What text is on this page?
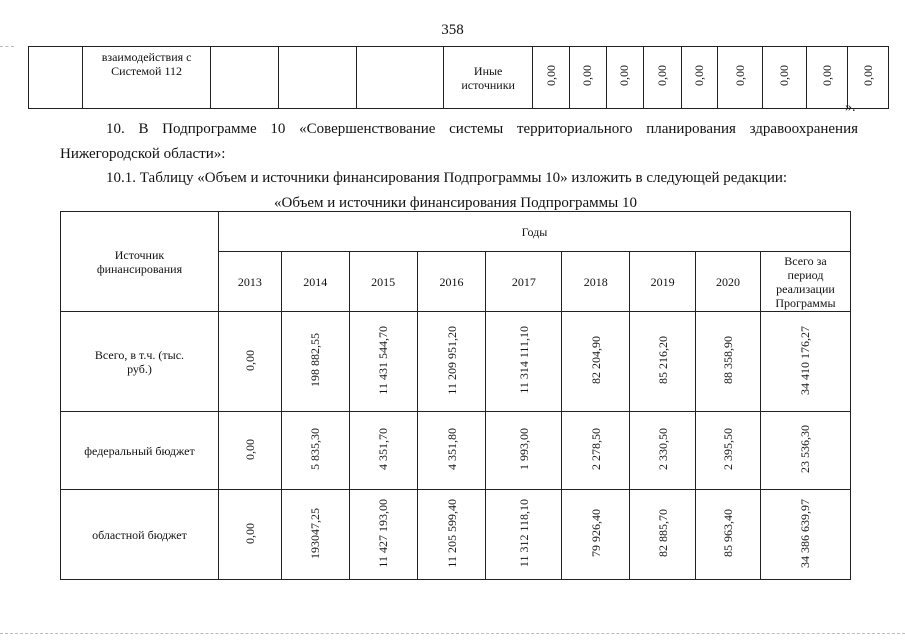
358
	взаимодействия с Системой 112				Иные источники	0,00	0,00	0,00	0,00	0,00	0,00	0,00	0,00	0,00
».
10. В Подпрограмме 10 «Совершенствование системы территориального планирования здравоохранения Нижегородской области»:
10.1. Таблицу «Объем и источники финансирования Подпрограммы 10» изложить в следующей редакции:
«Объем и источники финансирования Подпрограммы 10
Источник финансирования	Годы								
	2013	2014	2015	2016	2017	2018	2019	2020	Всего за период реализации Программы
Всего, в т.ч. (тыс. руб.)	0,00	198 882,55	11 431 544,70	11 209 951,20	11 314 111,10	82 204,90	85 216,20	88 358,90	34 410 176,27
федеральный бюджет	0,00	5 835,30	4 351,70	4 351,80	1 993,00	2 278,50	2 330,50	2 395,50	23 536,30
областной бюджет	0,00	193047,25	11 427 193,00	11 205 599,40	11 312 118,10	79 926,40	82 885,70	85 963,40	34 386 639,97
